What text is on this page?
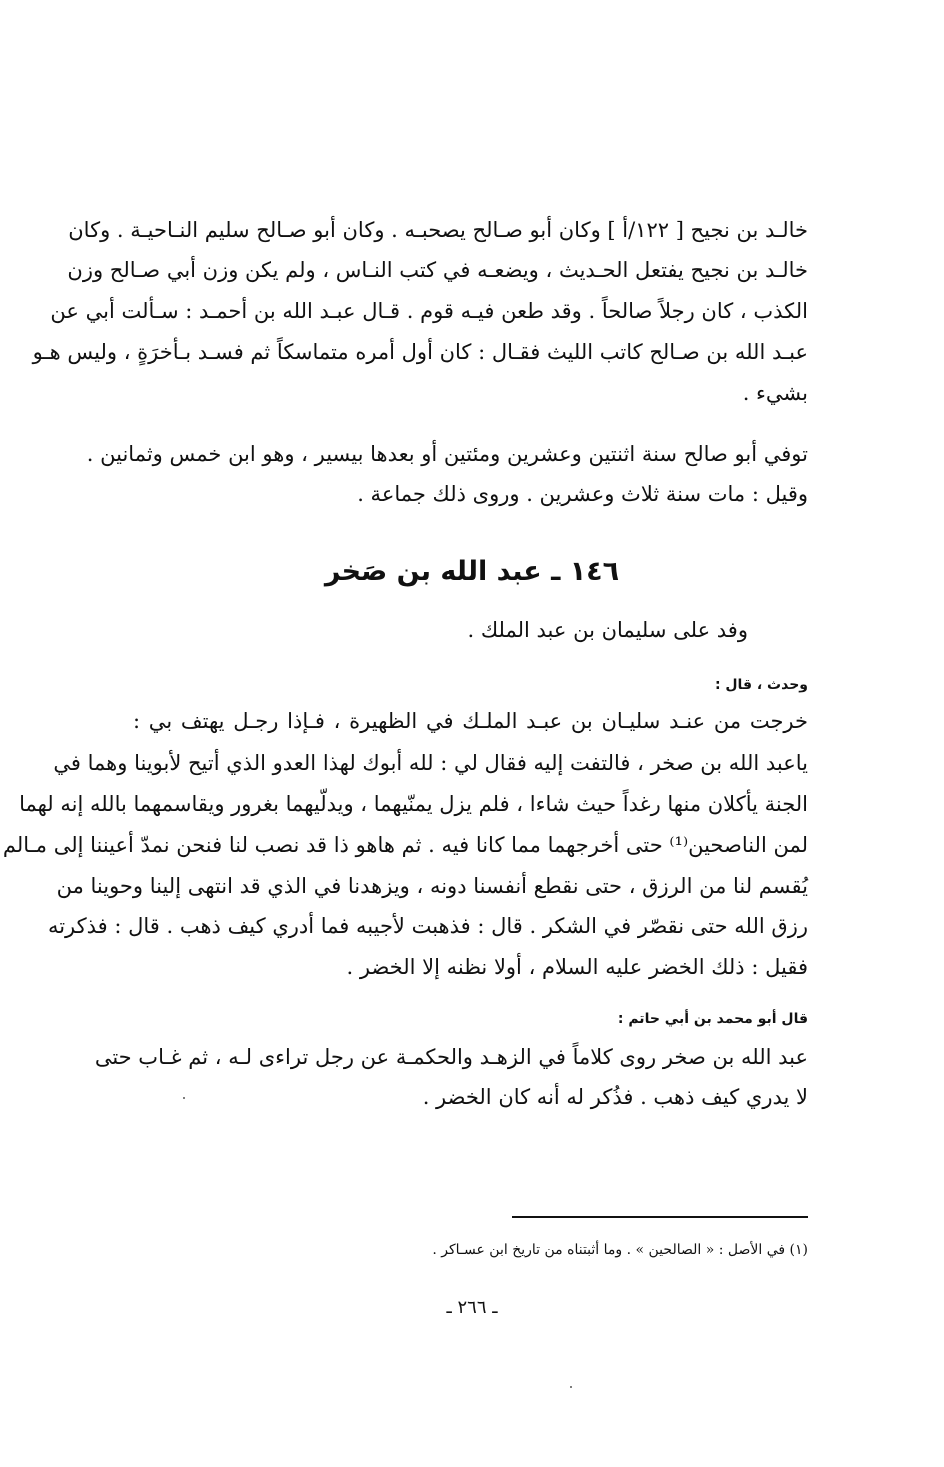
خالـد بن نجيح [ ١٢٢/أ ] وكان أبو صـالح يصحبـه . وكان أبو صـالح سليم النـاحيـة . وكان
خالـد بن نجيح يفتعل الحـديث ، ويضعـه في كتب النـاس ، ولم يكن وزن أبي صـالح وزن
الكذب ، كان رجلاً صالحاً . وقد طعن فيـه قوم . قـال عبـد الله بن أحمـد : سـألت أبي عن
عبـد الله بن صـالح كاتب الليث فقـال : كان أول أمره متماسكاً ثم فسـد بـأخرَةٍ ، وليس هـو
بشيء .
توفي أبو صالح سنة اثنتين وعشرين ومئتين أو بعدها بيسير ، وهو ابن خمس وثمانين .
وقيل : مات سنة ثلاث وعشرين . وروى ذلك جماعة .
١٤٦ ـ عبد الله بن صَخر
وفد على سليمان بن عبد الملك .
وحدث ، قال :
خرجت من عنـد سليـان بن عبـد الملـك في الظهيرة ، فـإذا رجـل يهتف بي :
ياعبد الله بن صخر ، فالتفت إليه فقال لي : لله أبوك لهذا العدو الذي أتيح لأبوينا وهما في
الجنة يأكلان منها رغداً حيث شاءا ، فلم يزل يمنّيهما ، ويدلّيهما بغرور ويقاسمهما بالله إنه لهما
لمن الناصحين⁽¹⁾ حتى أخرجهما مما كانا فيه . ثم هاهو ذا قد نصب لنا فنحن نمدّ أعيننا إلى مـالم
يُقسم لنا من الرزق ، حتى نقطع أنفسنا دونه ، ويزهدنا في الذي قد انتهى إلينا وحوينا من
رزق الله حتى نقصّر في الشكر . قال : فذهبت لأجيبه فما أدري كيف ذهب . قال : فذكرته
فقيل : ذلك الخضر عليه السلام ، أولا نظنه إلا الخضر .
قال أبو محمد بن أبي حاتم :
عبد الله بن صخر روى كلاماً في الزهـد والحكمـة عن رجل تراءى لـه ، ثم غـاب حتى
لا يدري كيف ذهب . فذُكر له أنه كان الخضر .
(١) في الأصل : « الصالحين » . وما أثبتناه من تاريخ ابن عسـاكر .
ـ ٢٦٦ ـ
